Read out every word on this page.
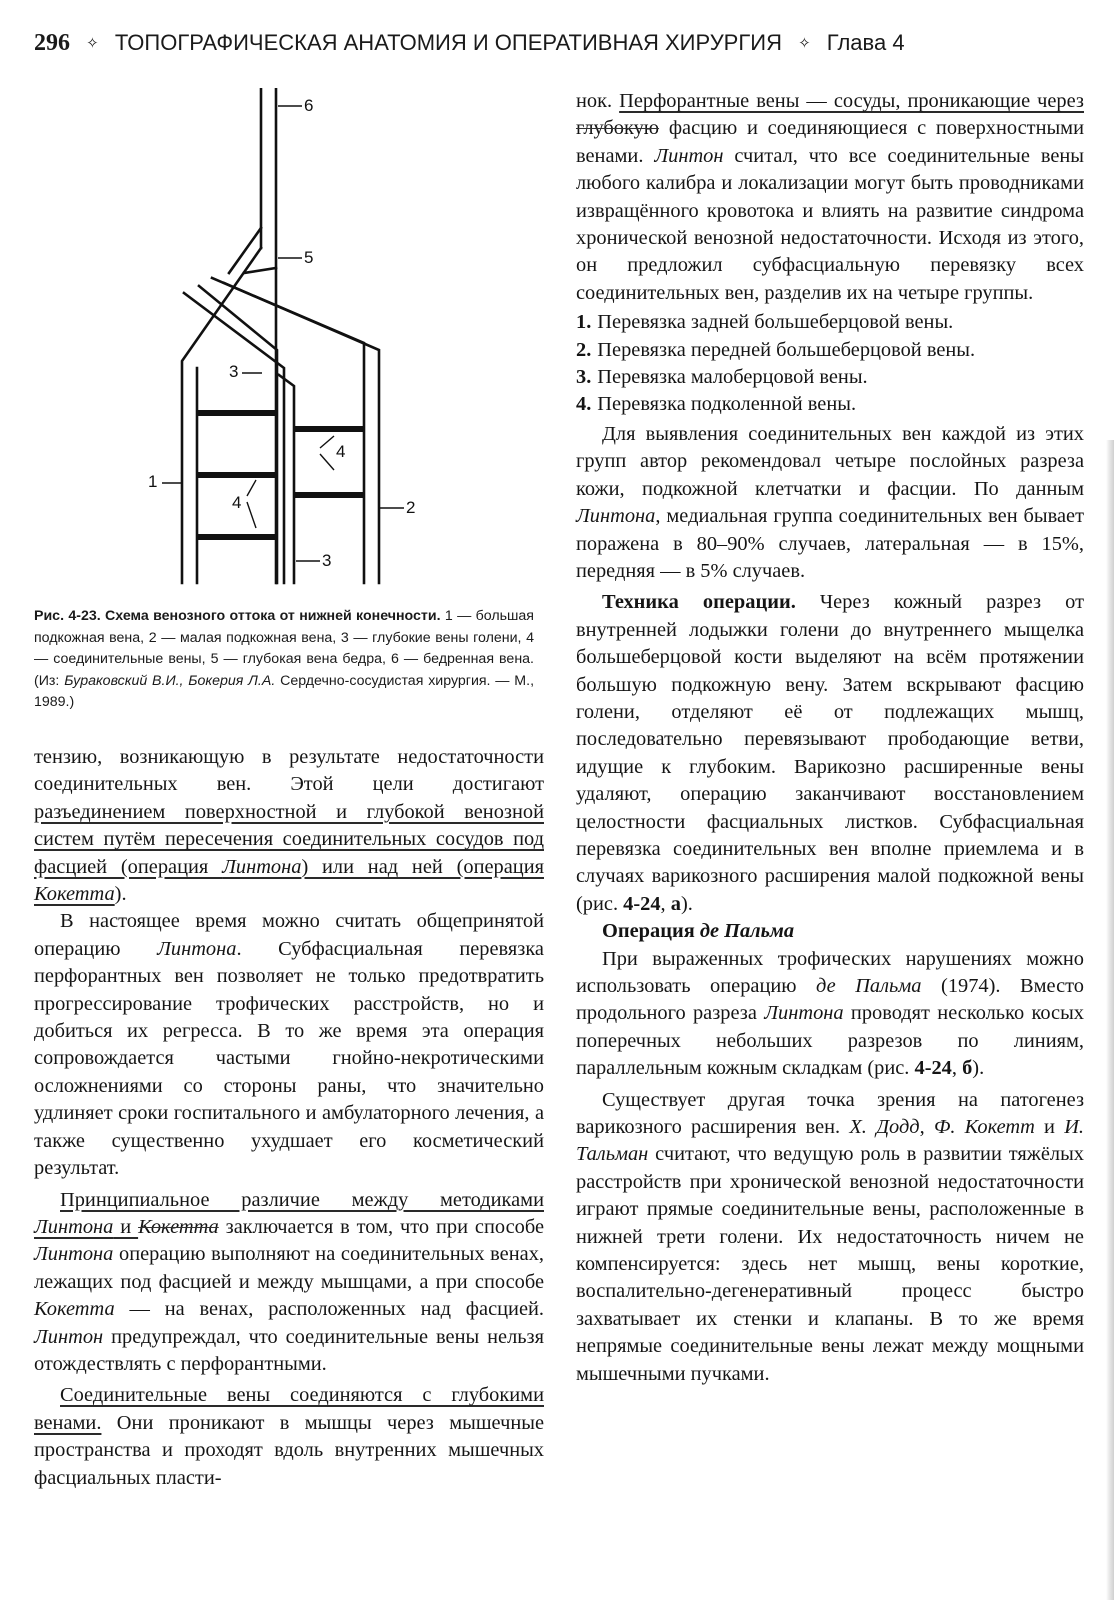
296 ✧ ТОПОГРАФИЧЕСКАЯ АНАТОМИЯ И ОПЕРАТИВНАЯ ХИРУРГИЯ ✧ Глава 4
6
5
3
4
1
4	2
3
Рис. 4-23. Схема венозного оттока от нижней конечности. 1 — большая подкожная вена, 2 — малая подкожная вена, 3 — глубокие вены голени, 4 — соединительные вены, 5 — глубокая вена бедра, 6 — бедренная вена. (Из: Бураковский В.И., Бокерия Л.А. Сердечно-сосудистая хирургия. — М., 1989.)

тензию, возникающую в результате недостаточности соединительных вен. Этой цели достигают разъединением поверхностной и глубокой венозной систем путём пересечения соединительных сосудов под фасцией (операция Линтона) или над ней (операция Кокетта).

В настоящее время можно считать общепринятой операцию Линтона. Субфасциальная перевязка перфорантных вен позволяет не только предотвратить прогрессирование трофических расстройств, но и добиться их регресса. В то же время эта операция сопровождается частыми гнойно-некротическими осложнениями со стороны раны, что значительно удлиняет сроки госпитального и амбулаторного лечения, а также существенно ухудшает его косметический результат.

Принципиальное различие между методиками Линтона и Кокетта заключается в том, что при способе Линтона операцию выполняют на соединительных венах, лежащих под фасцией и между мышцами, а при способе Кокетта — на венах, расположенных над фасцией. Линтон предупреждал, что соединительные вены нельзя отождествлять с перфорантными.

Соединительные вены соединяются с глубокими венами. Они проникают в мышцы через мышечные пространства и проходят вдоль внутренних мышечных фасциальных пласти-

нок. Перфорантные вены — сосуды, проникающие через глубокую фасцию и соединяющиеся с поверхностными венами. Линтон считал, что все соединительные вены любого калибра и локализации могут быть проводниками извращённого кровотока и влиять на развитие синдрома хронической венозной недостаточности. Исходя из этого, он предложил субфасциальную перевязку всех соединительных вен, разделив их на четыре группы.

1. Перевязка задней большеберцовой вены.
2. Перевязка передней большеберцовой вены.
3. Перевязка малоберцовой вены.
4. Перевязка подколенной вены.

Для выявления соединительных вен каждой из этих групп автор рекомендовал четыре послойных разреза кожи, подкожной клетчатки и фасции. По данным Линтона, медиальная группа соединительных вен бывает поражена в 80–90% случаев, латеральная — в 15%, передняя — в 5% случаев.

Техника операции. Через кожный разрез от внутренней лодыжки голени до внутреннего мыщелка большеберцовой кости выделяют на всём протяжении большую подкожную вену. Затем вскрывают фасцию голени, отделяют её от подлежащих мышц, последовательно перевязывают прободающие ветви, идущие к глубоким. Варикозно расширенные вены удаляют, операцию заканчивают восстановлением целостности фасциальных листков. Субфасциальная перевязка соединительных вен вполне приемлема и в случаях варикозного расширения малой подкожной вены (рис. 4-24, а).

Операция де Пальма

При выраженных трофических нарушениях можно использовать операцию де Пальма (1974). Вместо продольного разреза Линтона проводят несколько косых поперечных небольших разрезов по линиям, параллельным кожным складкам (рис. 4-24, б).

Существует другая точка зрения на патогенез варикозного расширения вен. Х. Додд, Ф. Кокетт и И. Тальман считают, что ведущую роль в развитии тяжёлых расстройств при хронической венозной недостаточности играют прямые соединительные вены, расположенные в нижней трети голени. Их недостаточность ничем не компенсируется: здесь нет мышц, вены короткие, воспалительно-дегенеративный процесс быстро захватывает их стенки и клапаны. В то же время непрямые соединительные вены лежат между мощными мышечными пучками.
